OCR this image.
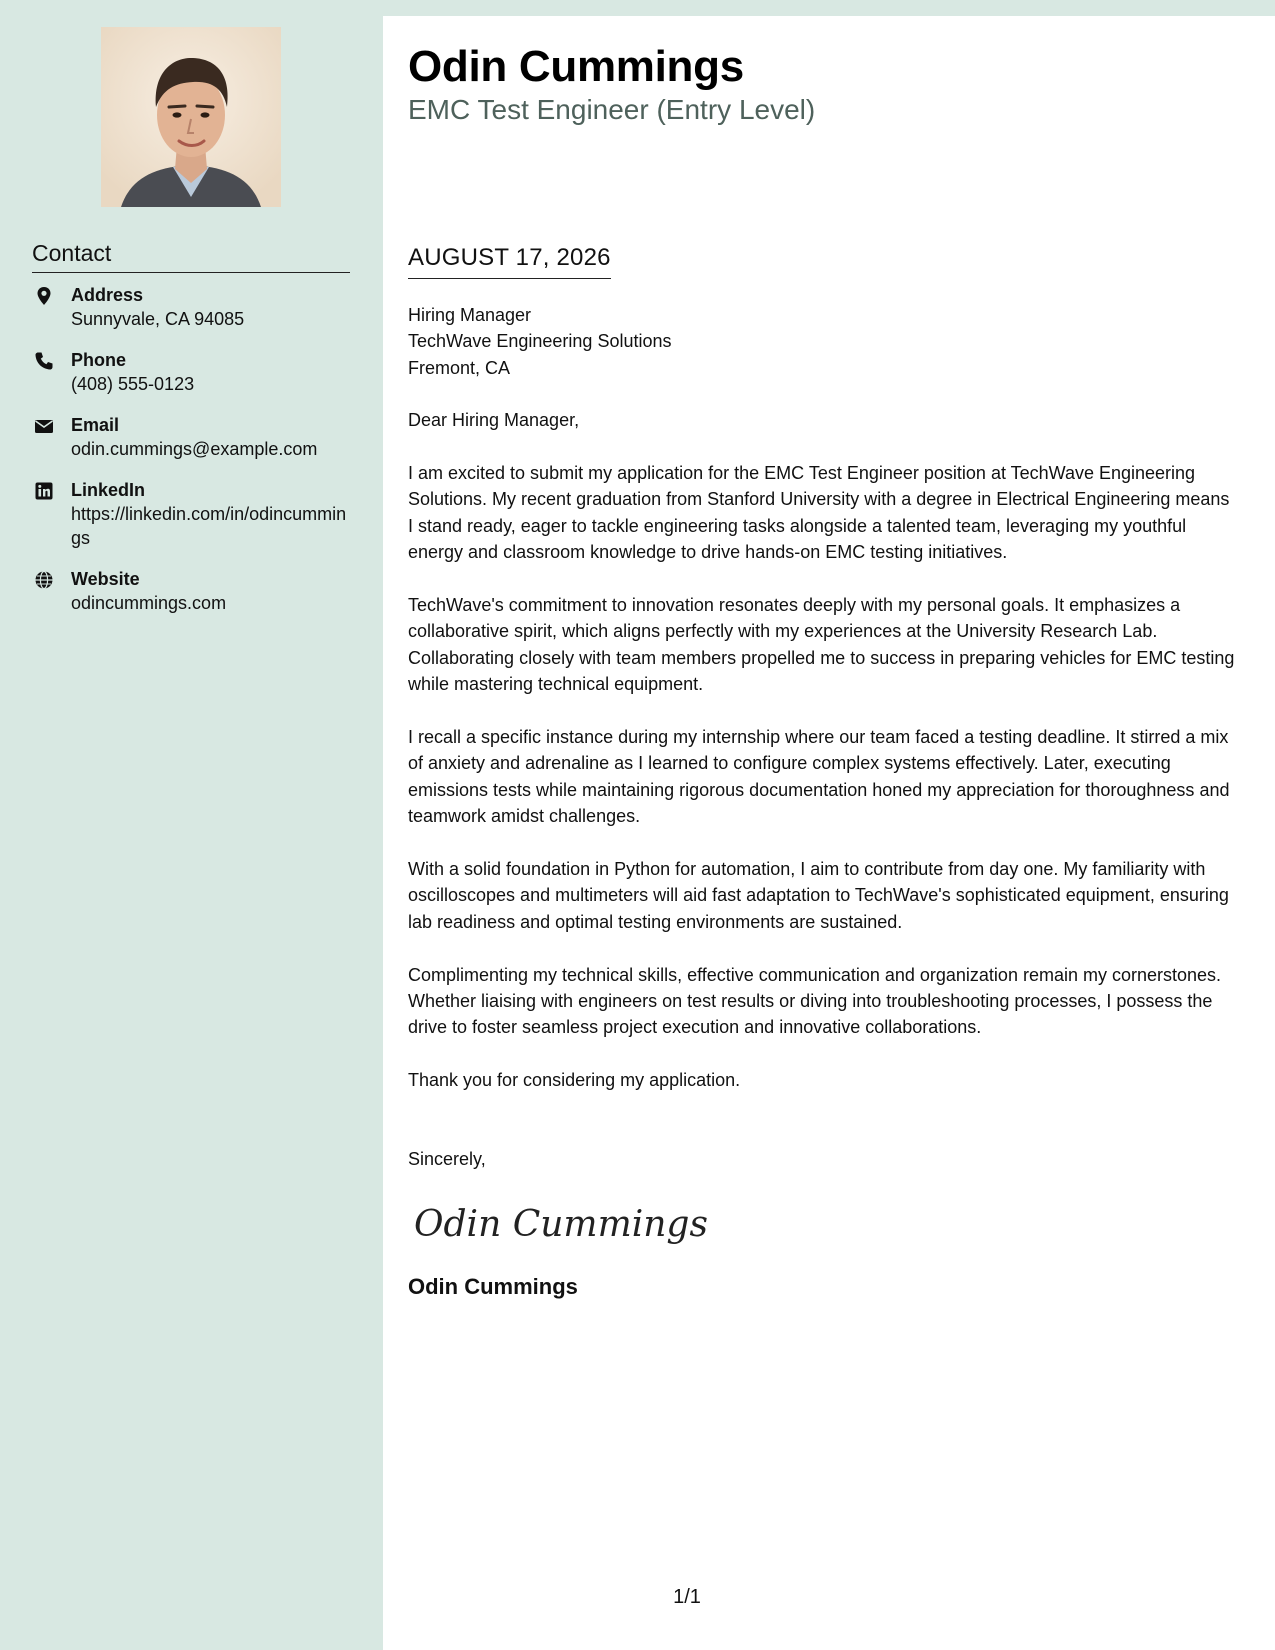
Contact
Address
Sunnyvale, CA 94085
Phone
(408) 555-0123
Email
odin.cummings@example.com
LinkedIn
https://linkedin.com/in/odincummings
Website
odincummings.com
Odin Cummings
EMC Test Engineer (Entry Level)
AUGUST 17, 2026
Hiring Manager
TechWave Engineering Solutions
Fremont, CA

Dear Hiring Manager,

I am excited to submit my application for the EMC Test Engineer position at TechWave Engineering Solutions. My recent graduation from Stanford University with a degree in Electrical Engineering means I stand ready, eager to tackle engineering tasks alongside a talented team, leveraging my youthful energy and classroom knowledge to drive hands-on EMC testing initiatives.

TechWave's commitment to innovation resonates deeply with my personal goals. It emphasizes a collaborative spirit, which aligns perfectly with my experiences at the University Research Lab. Collaborating closely with team members propelled me to success in preparing vehicles for EMC testing while mastering technical equipment.

I recall a specific instance during my internship where our team faced a testing deadline. It stirred a mix of anxiety and adrenaline as I learned to configure complex systems effectively. Later, executing emissions tests while maintaining rigorous documentation honed my appreciation for thoroughness and teamwork amidst challenges.

With a solid foundation in Python for automation, I aim to contribute from day one. My familiarity with oscilloscopes and multimeters will aid fast adaptation to TechWave's sophisticated equipment, ensuring lab readiness and optimal testing environments are sustained.

Complimenting my technical skills, effective communication and organization remain my cornerstones. Whether liaising with engineers on test results or diving into troubleshooting processes, I possess the drive to foster seamless project execution and innovative collaborations.

Thank you for considering my application.

Sincerely,
Odin Cummings
Odin Cummings
1/1
